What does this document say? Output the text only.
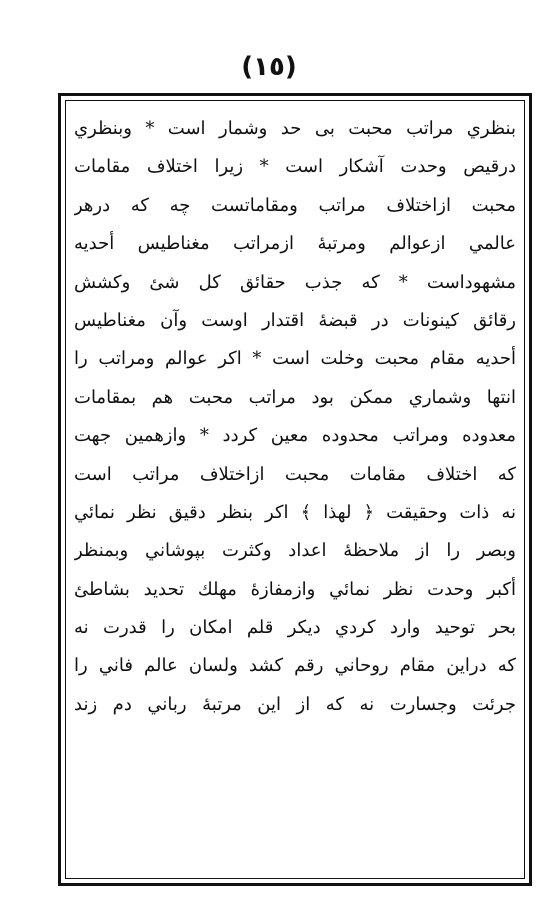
(١٥)
بنظري مراتب محبت بی حد وشمار است * وبنظري
درقيص وحدت آشكار است * زيرا اختلاف مقامات
محبت ازاختلاف مراتب ومقاماتست چه كه درهر
عالمي ازعوالم ومرتبهٔ ازمراتب مغناطيس أحديه
مشهوداست * كه جذب حقائق كل شئ وكشش
رقائق كينونات در قبضهٔ اقتدار اوست وآن مغناطيس
أحديه مقام محبت وخلت است * اكر عوالم ومراتب را
انتها وشماري ممكن بود مراتب محبت هم بمقامات
معدوده ومراتب محدوده معين كردد * وازهمين جهت
كه اختلاف مقامات محبت ازاختلاف مراتب است
نه ذات وحقيقت ﴿ لهذا ﴾ اكر بنظر دقيق نظر نمائي
وبصر را از ملاحظهٔ اعداد وكثرت بپوشاني وبمنظر
أكبر وحدت نظر نمائي وازمفازهٔ مهلك تحديد بشاطئ
بحر توحيد وارد كردي ديكر قلم امكان را قدرت نه
كه دراين مقام روحاني رقم كشد ولسان عالم فاني را
جرئت وجسارت نه كه از اين مرتبهٔ رباني دم زند
